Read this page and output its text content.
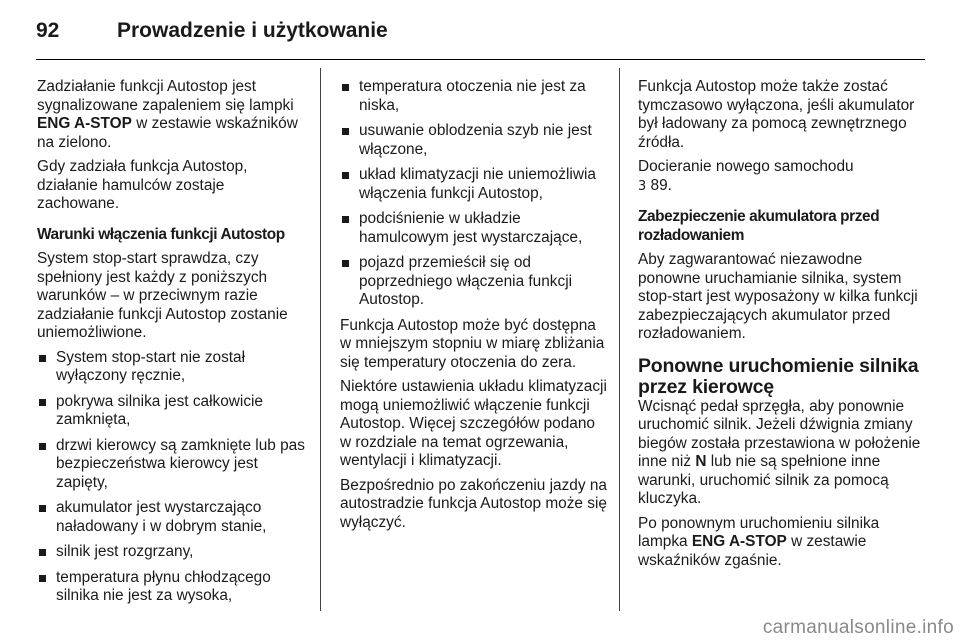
92	Prowadzenie i użytkowanie

Zadziałanie funkcji Autostop jest sygnalizowane zapaleniem się lampki ENG A-STOP w zestawie wskaźników na zielono.

Gdy zadziała funkcja Autostop, działanie hamulców zostaje zachowane.

Warunki włączenia funkcji Autostop

System stop-start sprawdza, czy spełniony jest każdy z poniższych warunków – w przeciwnym razie zadziałanie funkcji Autostop zostanie uniemożliwione.

System stop-start nie został wyłączony ręcznie,
pokrywa silnika jest całkowicie zamknięta,
drzwi kierowcy są zamknięte lub pas bezpieczeństwa kierowcy jest zapięty,
akumulator jest wystarczająco naładowany i w dobrym stanie,
silnik jest rozgrzany,
temperatura płynu chłodzącego silnika nie jest za wysoka,
temperatura otoczenia nie jest za niska,
usuwanie oblodzenia szyb nie jest włączone,
układ klimatyzacji nie uniemożliwia włączenia funkcji Autostop,
podciśnienie w układzie hamulcowym jest wystarczające,
pojazd przemieścił się od poprzedniego włączenia funkcji Autostop.

Funkcja Autostop może być dostępna w mniejszym stopniu w miarę zbliżania się temperatury otoczenia do zera.

Niektóre ustawienia układu klimatyzacji mogą uniemożliwić włączenie funkcji Autostop. Więcej szczegółów podano w rozdziale na temat ogrzewania, wentylacji i klimatyzacji.

Bezpośrednio po zakończeniu jazdy na autostradzie funkcja Autostop może się wyłączyć.

Funkcja Autostop może także zostać tymczasowo wyłączona, jeśli akumulator był ładowany za pomocą zewnętrznego źródła.

Docieranie nowego samochodu
3 89.

Zabezpieczenie akumulatora przed rozładowaniem

Aby zagwarantować niezawodne ponowne uruchamianie silnika, system stop-start jest wyposażony w kilka funkcji zabezpieczających akumulator przed rozładowaniem.

Ponowne uruchomienie silnika przez kierowcę

Wcisnąć pedał sprzęgła, aby ponownie uruchomić silnik. Jeżeli dźwignia zmiany biegów została przestawiona w położenie inne niż N lub nie są spełnione inne warunki, uruchomić silnik za pomocą kluczyka.

Po ponownym uruchomieniu silnika lampka ENG A-STOP w zestawie wskaźników zgaśnie.

carmanualsonline.info
